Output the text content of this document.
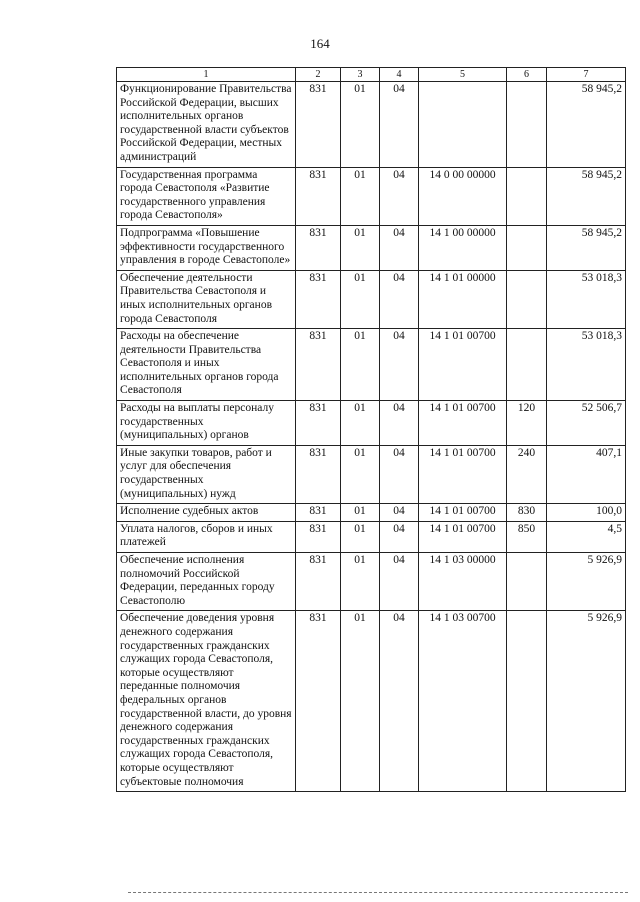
164
1	2	3	4	5	6	7
Функционирование Правительства Российской Федерации, высших исполнительных органов государственной власти субъектов Российской Федерации, местных администраций	831	01	04			58 945,2
Государственная программа города Севастополя «Развитие государственного управления города Севастополя»	831	01	04	14 0 00 00000		58 945,2
Подпрограмма «Повышение эффективности государственного управления в городе Севастополе»	831	01	04	14 1 00 00000		58 945,2
Обеспечение деятельности Правительства Севастополя и иных исполнительных органов города Севастополя	831	01	04	14 1 01 00000		53 018,3
Расходы на обеспечение деятельности Правительства Севастополя и иных исполнительных органов города Севастополя	831	01	04	14 1 01 00700		53 018,3
Расходы на выплаты персоналу государственных (муниципальных) органов	831	01	04	14 1 01 00700	120	52 506,7
Иные закупки товаров, работ и услуг для обеспечения государственных (муниципальных) нужд	831	01	04	14 1 01 00700	240	407,1
Исполнение судебных актов	831	01	04	14 1 01 00700	830	100,0
Уплата налогов, сборов и иных платежей	831	01	04	14 1 01 00700	850	4,5
Обеспечение исполнения полномочий Российской Федерации, переданных городу Севастополю	831	01	04	14 1 03 00000		5 926,9
Обеспечение доведения уровня денежного содержания государственных гражданских служащих города Севастополя, которые осуществляют переданные полномочия федеральных органов государственной власти, до уровня денежного содержания государственных гражданских служащих города Севастополя, которые осуществляют субъектовые полномочия	831	01	04	14 1 03 00700		5 926,9
